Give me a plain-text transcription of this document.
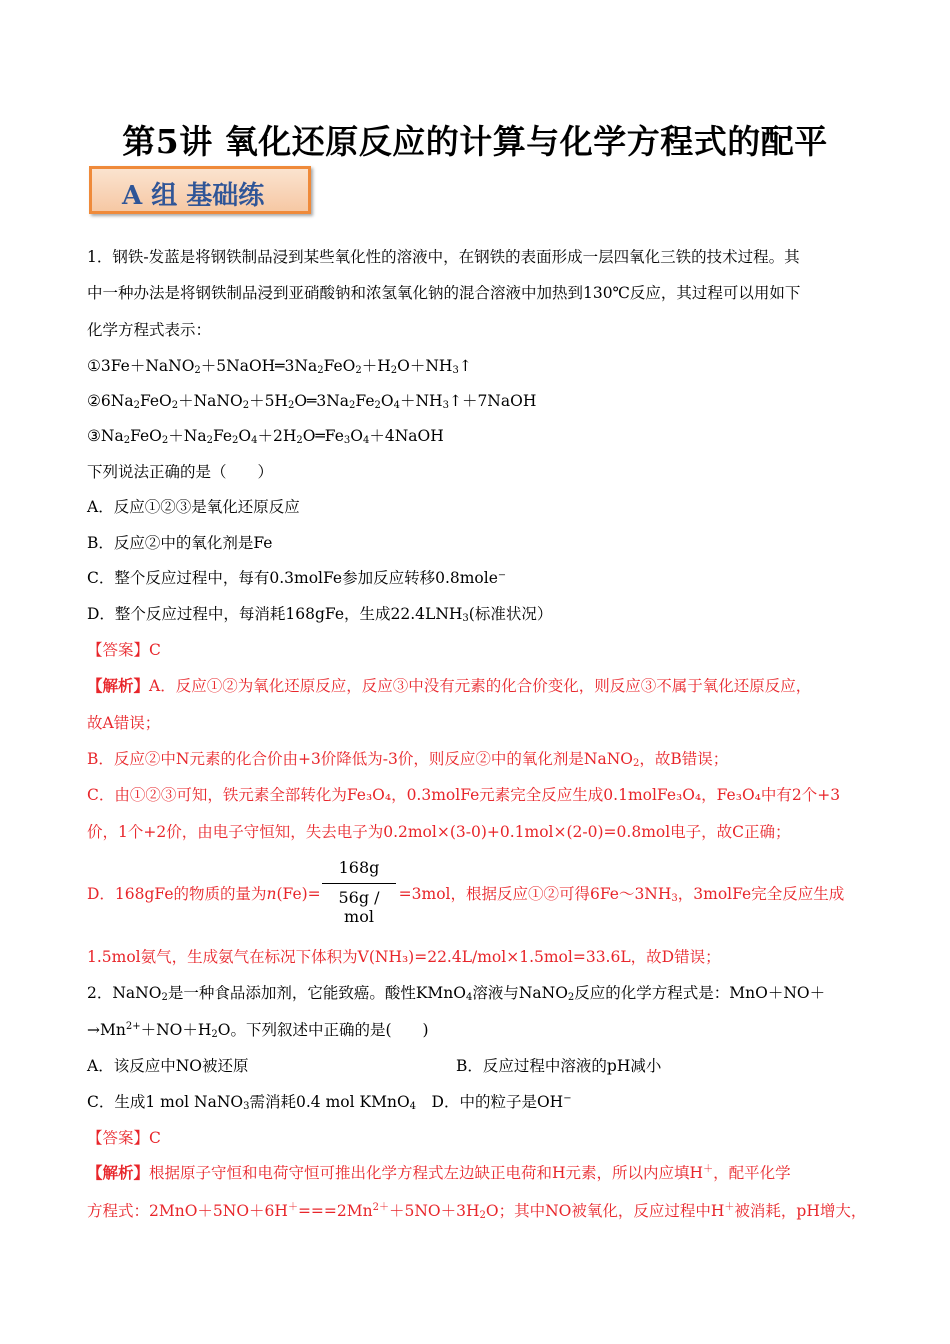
第5讲 氧化还原反应的计算与化学方程式的配平
A 组 基础练
1．钢铁-发蓝是将钢铁制品浸到某些氧化性的溶液中，在钢铁的表面形成一层四氧化三铁的技术过程。其
中一种办法是将钢铁制品浸到亚硝酸钠和浓氢氧化钠的混合溶液中加热到130℃反应，其过程可以用如下
化学方程式表示：
$①3Fe+NaNO_2+5NaOH═3Na_2FeO_2+H_2O+NH_3↑$
$②6Na_2FeO_2+NaNO_2+5H_2O═3Na_2Fe_2O_4+NH_3↑+7NaOH$
$③Na_2FeO_2+Na_2Fe_2O_4+2H_2O═Fe_3O_4+4NaOH$
下列说法正确的是（　　）
A．反应①②③是氧化还原反应
B．反应②中的氧化剂是Fe
C．整个反应过程中，每有0.3molFe参加反应转移0.8mole⁻
D．整个反应过程中，每消耗168gFe，生成$22.4LNH_3$(标准状况）
【答案】C
【解析】A．反应①②为氧化还原反应，反应③中没有元素的化合价变化，则反应③不属于氧化还原反应，
故A错误；
B．反应②中N元素的化合价由+3价降低为-3价，则反应②中的氧化剂是NaNO$_2$，故B错误；
C．由①②③可知，铁元素全部转化为Fe₃O₄，0.3molFe元素完全反应生成0.1molFe₃O₄，Fe₃O₄中有2个+3
价，1个+2价，由电子守恒知，失去电子为0.2mol×(3-0)+0.1mol×(2-0)=0.8mol电子，故C正确；
168g
56g / mol
D．168gFe的物质的量为n(Fe)=	=3mol，根据反应①②可得$6Fe\sim 3NH_3$，3molFe完全反应生成
1.5mol氨气，生成氨气在标况下体积为V(NH₃)=22.4L/mol×1.5mol=33.6L，故D错误；
2．NaNO$_2$是一种食品添加剂，它能致癌。酸性KMnO$_4$溶液与NaNO$_2$反应的化学方程式是：MnO＋NO＋
$\to Mn^{2+}+NO+H_2O$。下列叙述中正确的是(　　)
A．该反应中NO被还原	B．反应过程中溶液的pH减小
C．生成1 mol NaNO$_3$需消耗0.4 mol KMnO$_4$　D．中的粒子是OH−
【答案】C
【解析】根据原子守恒和电荷守恒可推出化学方程式左边缺正电荷和H元素，所以内应填H＋，配平化学
方程式：$2MnO+5NO+6H^+===2Mn^{2+}+5NO+3H_2O$；其中NO被氧化，反应过程中H＋被消耗，pH增大，
